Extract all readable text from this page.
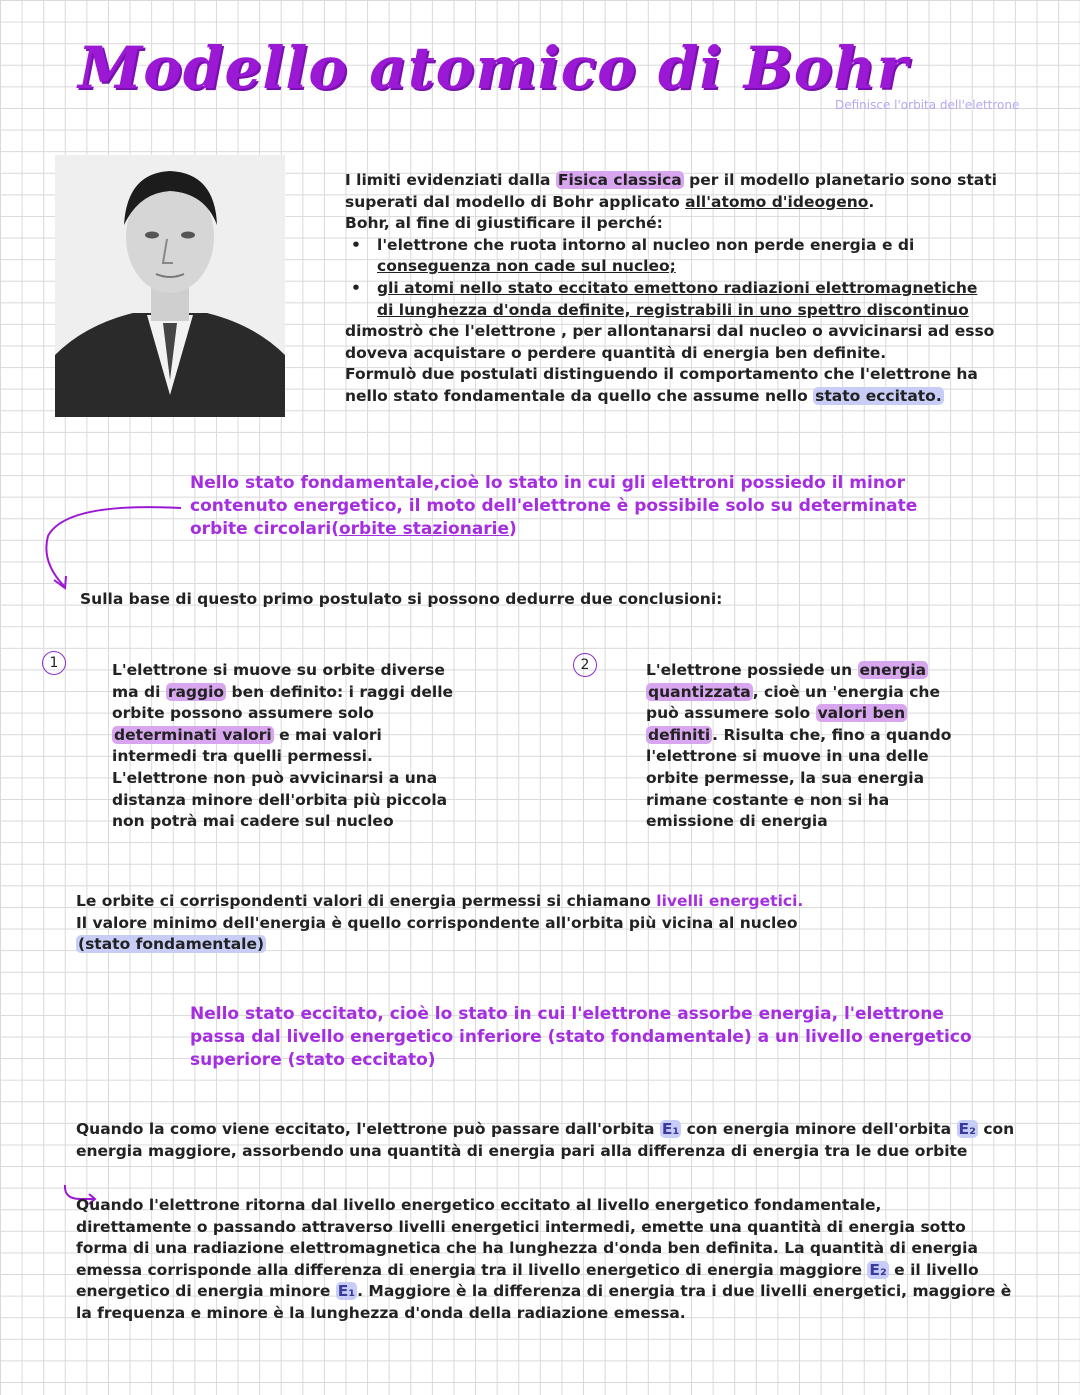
Modello atomico di Bohr
Definisce l'orbita dell'elettrone
I limiti evidenziati dalla Fisica classica per il modello planetario sono stati
superati dal modello di Bohr applicato all'atomo d'ideogeno.
Bohr, al fine di giustificare il perché:
• l'elettrone che ruota intorno al nucleo non perde energia e di
conseguenza non cade sul nucleo;
• gli atomi nello stato eccitato emettono radiazioni elettromagnetiche
di lunghezza d'onda definite, registrabili in uno spettro discontinuo
dimostrò che l'elettrone , per allontanarsi dal nucleo o avvicinarsi ad esso
doveva acquistare o perdere quantità di energia ben definite.
Formulò due postulati distinguendo il comportamento che l'elettrone ha
nello stato fondamentale da quello che assume nello stato eccitato.
Nello stato fondamentale,cioè lo stato in cui gli elettroni possiedo il minor
contenuto energetico, il moto dell'elettrone è possibile solo su determinate
orbite circolari(orbite stazionarie)
Sulla base di questo primo postulato si possono dedurre due conclusioni:
1	L'elettrone si muove su orbite diverse
ma di raggio ben definito: i raggi delle
orbite possono assumere solo
determinati valori e mai valori
intermedi tra quelli permessi.
L'elettrone non può avvicinarsi a una
distanza minore dell'orbita più piccola
non potrà mai cadere sul nucleo
2	L'elettrone possiede un energia
quantizzata , cioè un 'energia che
può assumere solo valori ben
definiti . Risulta che, fino a quando
l'elettrone si muove in una delle
orbite permesse, la sua energia
rimane costante e non si ha
emissione di energia
Le orbite ci corrispondenti valori di energia permessi si chiamano livelli energetici.
Il valore minimo dell'energia è quello corrispondente all'orbita più vicina al nucleo
(stato fondamentale)
Nello stato eccitato, cioè lo stato in cui l'elettrone assorbe energia, l'elettrone
passa dal livello energetico inferiore (stato fondamentale) a un livello energetico
superiore (stato eccitato)
Quando la como viene eccitato, l'elettrone può passare dall'orbita E₁ con energia minore dell'orbita E₂ con
energia maggiore, assorbendo una quantità di energia pari alla differenza di energia tra le due orbite
Quando l'elettrone ritorna dal livello energetico eccitato al livello energetico fondamentale,
direttamente o passando attraverso livelli energetici intermedi, emette una quantità di energia sotto
forma di una radiazione elettromagnetica che ha lunghezza d'onda ben definita. La quantità di energia
emessa corrisponde alla differenza di energia tra il livello energetico di energia maggiore E₂ e il livello
energetico di energia minore E₁ . Maggiore è la differenza di energia tra i due livelli energetici, maggiore è
la frequenza e minore è la lunghezza d'onda della radiazione emessa.
